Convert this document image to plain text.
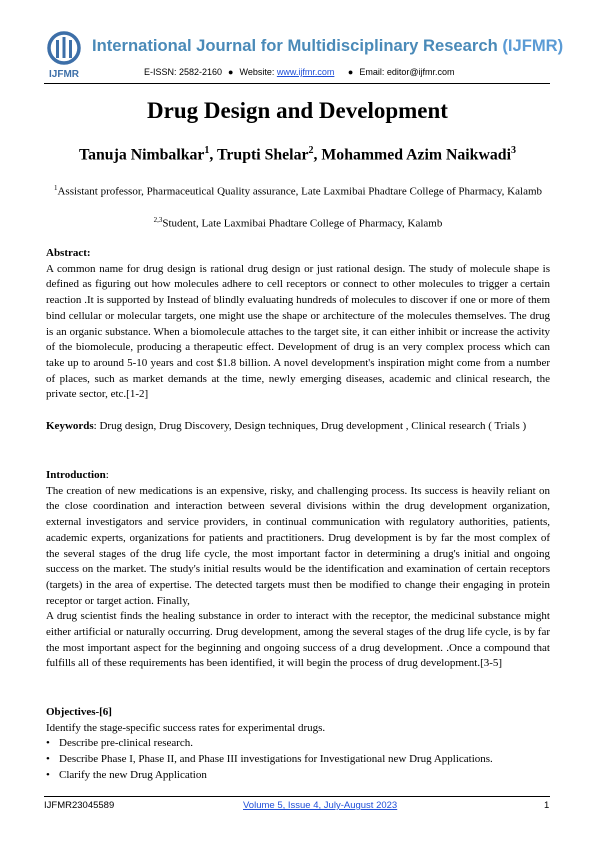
IJFMR
International Journal for Multidisciplinary Research (IJFMR)
E-ISSN: 2582-2160 ● Website: www.ijfmr.com   ● Email: editor@ijfmr.com
Drug Design and Development
Tanuja Nimbalkar$^1$, Trupti Shelar$^2$, Mohammed Azim Naikwadi$^3$
$^1$Assistant professor, Pharmaceutical Quality assurance, Late Laxmibai Phadtare College of Pharmacy, Kalamb
$^{2,3}$Student, Late Laxmibai Phadtare College of Pharmacy, Kalamb
Abstract:

A common name for drug design is rational drug design or just rational design. The study of molecule shape is defined as figuring out how molecules adhere to cell receptors or connect to other molecules to trigger a certain reaction .It is supported by Instead of blindly evaluating hundreds of molecules to discover if one or more of them bind cellular or molecular targets, one might use the shape or architecture of the molecules themselves. The drug is an organic substance. When a biomolecule attaches to the target site, it can either inhibit or increase the activity of the biomolecule, producing a therapeutic effect. Development of drug is an very complex process which can take up to around 5-10 years and cost $1.8 billion. A novel development's inspiration might come from a number of places, such as market demands at the time, newly emerging diseases, academic and clinical research, the private sector, etc.[1-2]

Keywords: Drug design, Drug Discovery, Design techniques, Drug development , Clinical research ( Trials )
Introduction:

The creation of new medications is an expensive, risky, and challenging process. Its success is heavily reliant on the close coordination and interaction between several divisions within the drug development organization, external investigators and service providers, in continual communication with regulatory authorities, patients, academic experts, organizations for patients and practitioners. Drug development is by far the most complex of the several stages of the drug life cycle, the most important factor in determining a drug's initial and ongoing success on the market. The study's initial results would be the identification and examination of certain receptors (targets) in the area of expertise. The detected targets must then be modified to change their engaging in protein receptor or target action. Finally,

A drug scientist finds the healing substance in order to interact with the receptor, the medicinal substance might either artificial or naturally occurring. Drug development, among the several stages of the drug life cycle, is by far the most important aspect for the beginning and ongoing success of a drug development. .Once a compound that fulfills all of these requirements has been identified, it will begin the process of drug development.[3-5]

Objectives-[6]
Identify the stage-specific success rates for experimental drugs.
• Describe pre-clinical research.
• Describe Phase I, Phase II, and Phase III investigations for Investigational new Drug Applications.
• Clarify the new Drug Application
IJFMR23045589	Volume 5, Issue 4, July-August 2023	1
